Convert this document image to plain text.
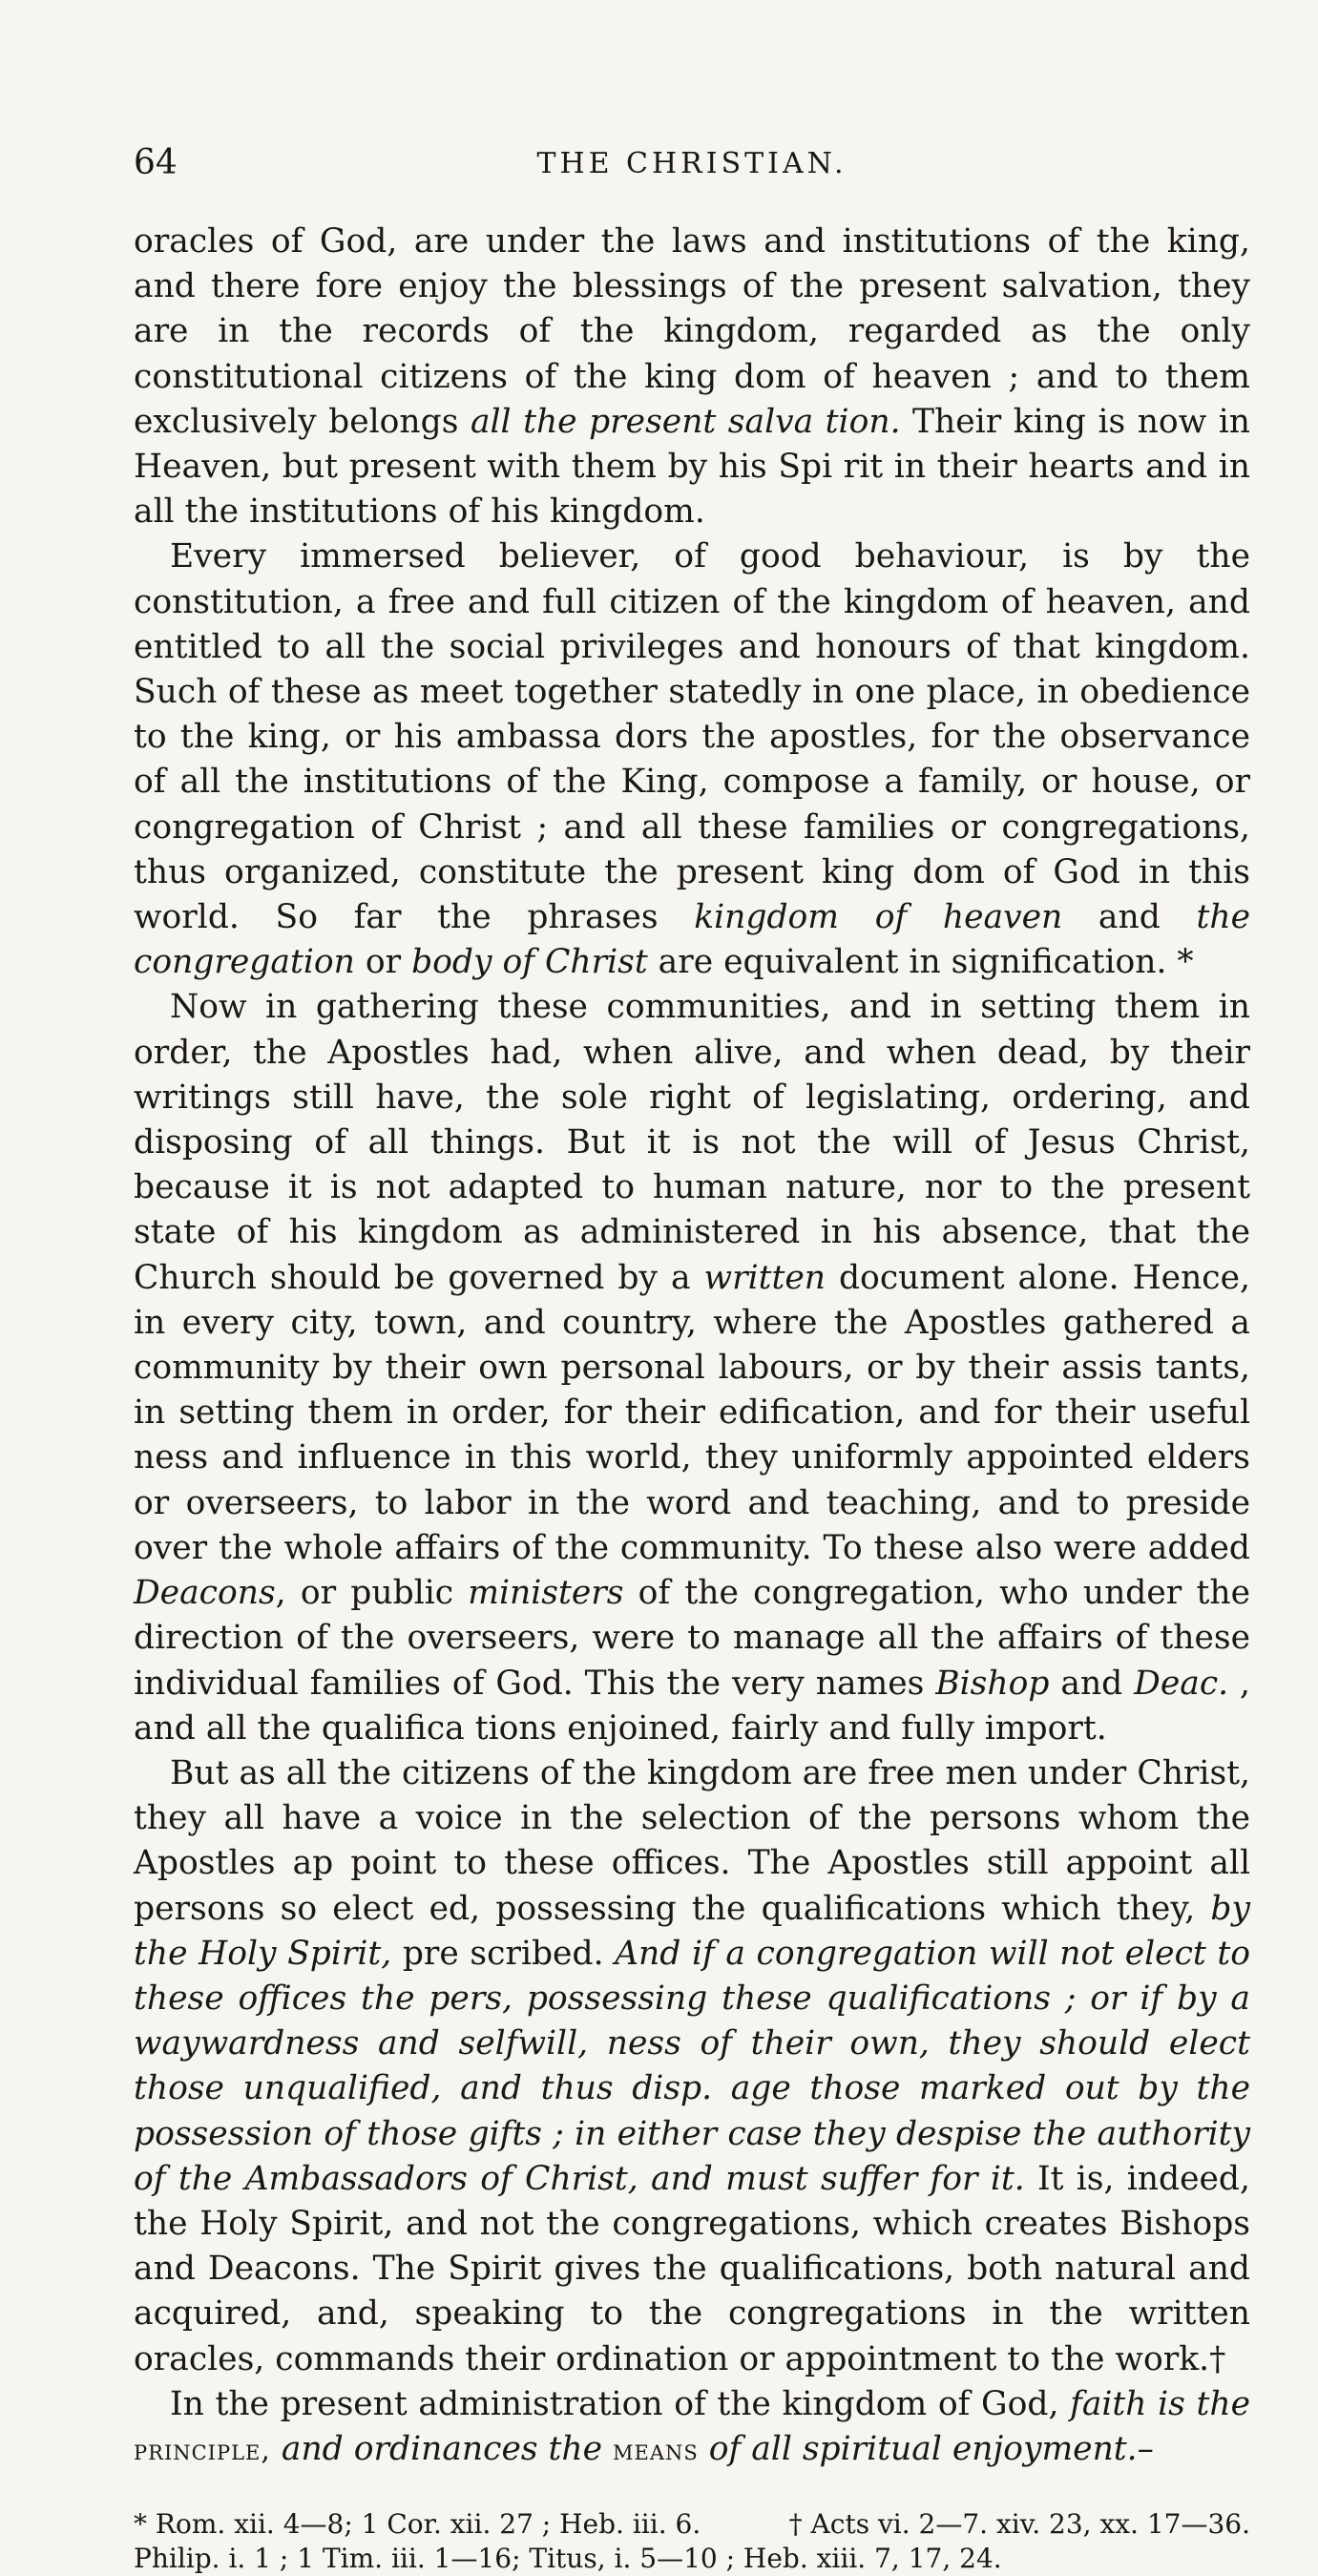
64	THE CHRISTIAN.

oracles of God, are under the laws and institutions of the king, and there fore enjoy the blessings of the present salvation, they are in the records of the kingdom, regarded as the only constitutional citizens of the king dom of heaven ; and to them exclusively belongs all the present salva tion. Their king is now in Heaven, but present with them by his Spi rit in their hearts and in all the institutions of his kingdom.

Every immersed believer, of good behaviour, is by the constitution, a free and full citizen of the kingdom of heaven, and entitled to all the social privileges and honours of that kingdom. Such of these as meet together statedly in one place, in obedience to the king, or his ambassa dors the apostles, for the observance of all the institutions of the King, compose a family, or house, or congregation of Christ ; and all these families or congregations, thus organized, constitute the present king dom of God in this world. So far the phrases kingdom of heaven and the congregation or body of Christ are equivalent in signification. *

Now in gathering these communities, and in setting them in order, the Apostles had, when alive, and when dead, by their writings still have, the sole right of legislating, ordering, and disposing of all things. But it is not the will of Jesus Christ, because it is not adapted to human nature, nor to the present state of his kingdom as administered in his absence, that the Church should be governed by a written document alone. Hence, in every city, town, and country, where the Apostles gathered a community by their own personal labours, or by their assis tants, in setting them in order, for their edification, and for their useful ness and influence in this world, they uniformly appointed elders or overseers, to labor in the word and teaching, and to preside over the whole affairs of the community. To these also were added Deacons, or public ministers of the congregation, who under the direction of the overseers, were to manage all the affairs of these individual families of God. This the very names Bishop and Deac. , and all the qualifica tions enjoined, fairly and fully import.

But as all the citizens of the kingdom are free men under Christ, they all have a voice in the selection of the persons whom the Apostles ap point to these offices. The Apostles still appoint all persons so elect ed, possessing the qualifications which they, by the Holy Spirit, pre scribed. And if a congregation will not elect to these offices the pers, possessing these qualifications ; or if by a waywardness and selfwill, ness of their own, they should elect those unqualified, and thus disp. age those marked out by the possession of those gifts ; in either case they despise the authority of the Ambassadors of Christ, and must suffer for it. It is, indeed, the Holy Spirit, and not the congregations, which creates Bishops and Deacons. The Spirit gives the qualifications, both natural and acquired, and, speaking to the congregations in the written oracles, commands their ordination or appointment to the work.†

In the present administration of the kingdom of God, faith is the principle, and ordinances the means of all spiritual enjoyment.–

* Rom. xii. 4—8; 1 Cor. xii. 27 ; Heb. iii. 6.	† Acts vi. 2—7. xiv. 23, xx. 17—36.
Philip. i. 1 ; 1 Tim. iii. 1—16; Titus, i. 5—10 ; Heb. xiii. 7, 17, 24.
